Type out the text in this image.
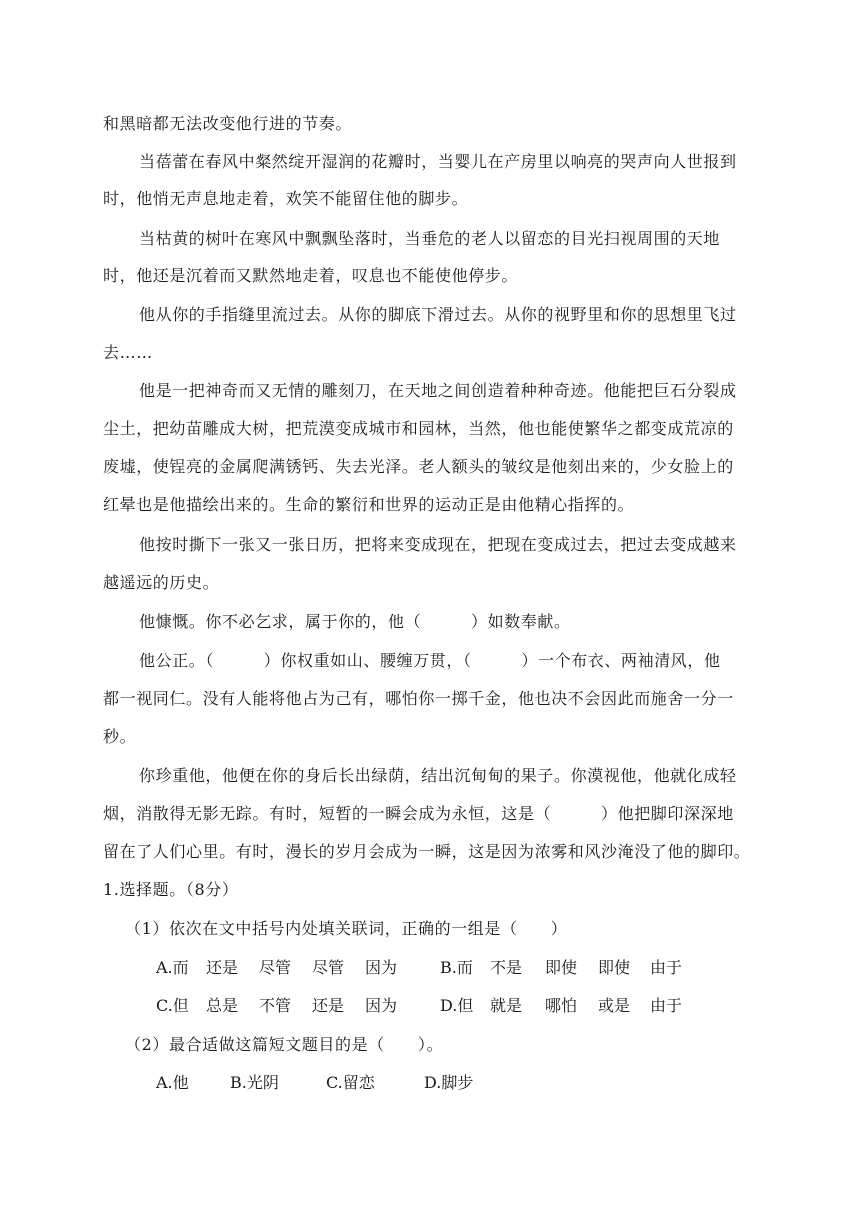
和黑暗都无法改变他行进的节奏。
当蓓蕾在春风中粲然绽开湿润的花瓣时，当婴儿在产房里以响亮的哭声向人世报到
时，他悄无声息地走着，欢笑不能留住他的脚步。
当枯黄的树叶在寒风中飘飘坠落时，当垂危的老人以留恋的目光扫视周围的天地
时，他还是沉着而又默然地走着，叹息也不能使他停步。
他从你的手指缝里流过去。从你的脚底下滑过去。从你的视野里和你的思想里飞过
去……
他是一把神奇而又无情的雕刻刀，在天地之间创造着种种奇迹。他能把巨石分裂成
尘土，把幼苗雕成大树，把荒漠变成城市和园林，当然，他也能使繁华之都变成荒凉的
废墟，使锃亮的金属爬满锈钙、失去光泽。老人额头的皱纹是他刻出来的，少女脸上的
红晕也是他描绘出来的。生命的繁衍和世界的运动正是由他精心指挥的。
他按时撕下一张又一张日历，把将来变成现在，把现在变成过去，把过去变成越来
越遥远的历史。
他慷慨。你不必乞求，属于你的，他（　　　）如数奉献。
他公正。（　　　）你权重如山、腰缠万贯，（　　　）一个布衣、两袖清风，他
都一视同仁。没有人能将他占为己有，哪怕你一掷千金，他也决不会因此而施舍一分一
秒。
你珍重他，他便在你的身后长出绿荫，结出沉甸甸的果子。你漠视他，他就化成轻
烟，消散得无影无踪。有时，短暂的一瞬会成为永恒，这是（　　　）他把脚印深深地
留在了人们心里。有时，漫长的岁月会成为一瞬，这是因为浓雾和风沙淹没了他的脚印。
1.选择题。（8分）
（1）依次在文中括号内处填关联词，正确的一组是（　　）
A.而 还是 尽管 尽管 因为	B.而 不是 即使 即使 由于
C.但 总是 不管 还是 因为	D.但 就是 哪怕 或是 由于
（2）最合适做这篇短文题目的是（　　）。
A.他	B.光阴	C.留恋	D.脚步
